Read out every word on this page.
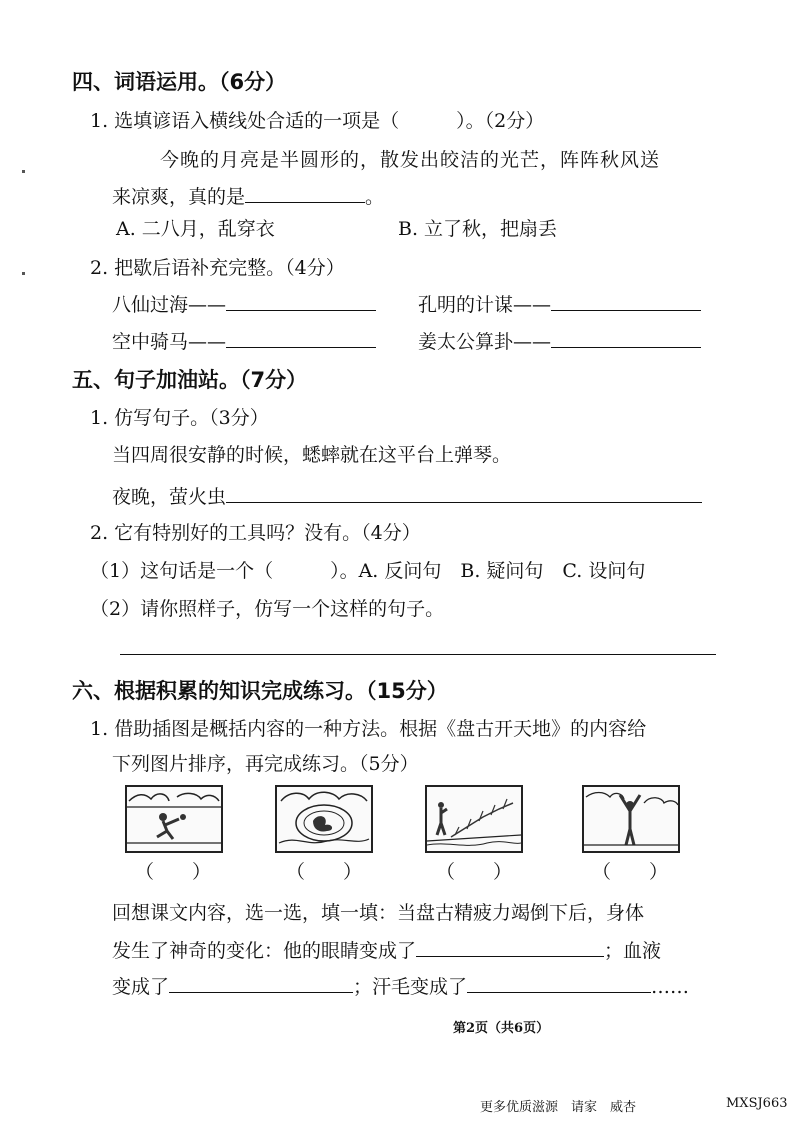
四、词语运用。（6分）
1. 选填谚语入横线处合适的一项是（　　　）。（2分）
今晚的月亮是半圆形的，散发出皎洁的光芒，阵阵秋风送
来凉爽，真的是	。
A. 二八月，乱穿衣	B. 立了秋，把扇丢
2. 把歇后语补充完整。（4分）
八仙过海——	孔明的计谋——
空中骑马——	姜太公算卦——
五、句子加油站。（7分）
1. 仿写句子。（3分）
当四周很安静的时候，蟋蟀就在这平台上弹琴。
夜晚，萤火虫
2. 它有特别好的工具吗？没有。（4分）
（1）这句话是一个（　　　）。A. 反问句　B. 疑问句　C. 设问句
（2）请你照样子，仿写一个这样的句子。
六、根据积累的知识完成练习。（15分）
1. 借助插图是概括内容的一种方法。根据《盘古开天地》的内容给
下列图片排序，再完成练习。（5分）
（　　）	（　　）	（　　）	（　　）
回想课文内容，选一选，填一填：当盘古精疲力竭倒下后，身体
发生了神奇的变化：他的眼睛变成了	；血液
变成了	；汗毛变成了	……
第2页（共6页）
更多优质滋源　请家　威杏	MXSJ663
